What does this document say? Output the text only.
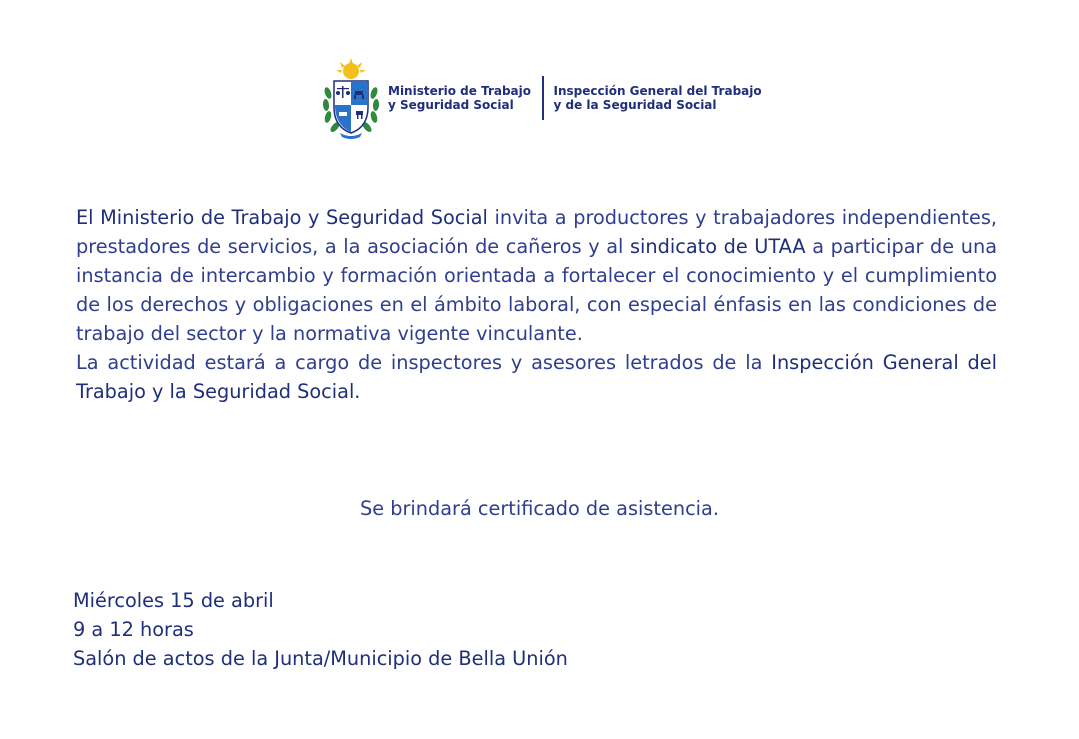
Ministerio de Trabajo
y Seguridad Social
Inspección General del Trabajo
y de la Seguridad Social

El Ministerio de Trabajo y Seguridad Social invita a productores y trabajadores independientes, prestadores de servicios, a la asociación de cañeros y al sindicato de UTAA a participar de una instancia de intercambio y formación orientada a fortalecer el conocimiento y el cumplimiento de los derechos y obligaciones en el ámbito laboral, con especial énfasis en las condiciones de trabajo del sector y la normativa vigente vinculante.

La actividad estará a cargo de inspectores y asesores letrados de la Inspección General del Trabajo y la Seguridad Social.

Se brindará certificado de asistencia.
Miércoles 15 de abril
9 a 12 horas
Salón de actos de la Junta/Municipio de Bella Unión
